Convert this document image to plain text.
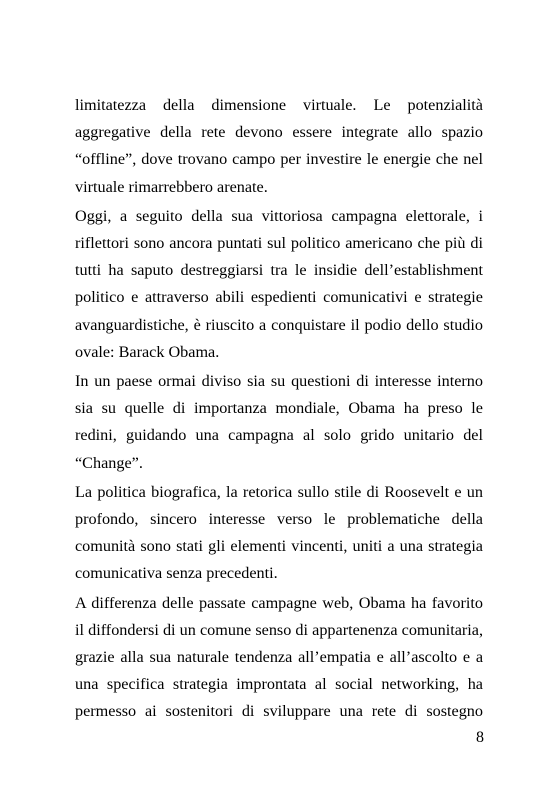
limitatezza della dimensione virtuale. Le potenzialità aggregative della rete devono essere integrate allo spazio “offline”, dove trovano campo per investire le energie che nel virtuale rimarrebbero arenate.

Oggi, a seguito della sua vittoriosa campagna elettorale, i riflettori sono ancora puntati sul politico americano che più di tutti ha saputo destreggiarsi tra le insidie dell’establishment politico e attraverso abili espedienti comunicativi e strategie avanguardistiche, è riuscito a conquistare il podio dello studio ovale: Barack Obama.

In un paese ormai diviso sia su questioni di interesse interno sia su quelle di importanza mondiale, Obama ha preso le redini, guidando una campagna al solo grido unitario del “Change”.

La politica biografica, la retorica sullo stile di Roosevelt e un profondo, sincero interesse verso le problematiche della comunità sono stati gli elementi vincenti, uniti a una strategia comunicativa senza precedenti.

A differenza delle passate campagne web, Obama ha favorito il diffondersi di un comune senso di appartenenza comunitaria, grazie alla sua naturale tendenza all’empatia e all’ascolto e a una specifica strategia improntata al social networking, ha permesso ai sostenitori di sviluppare una rete di sostegno

8
